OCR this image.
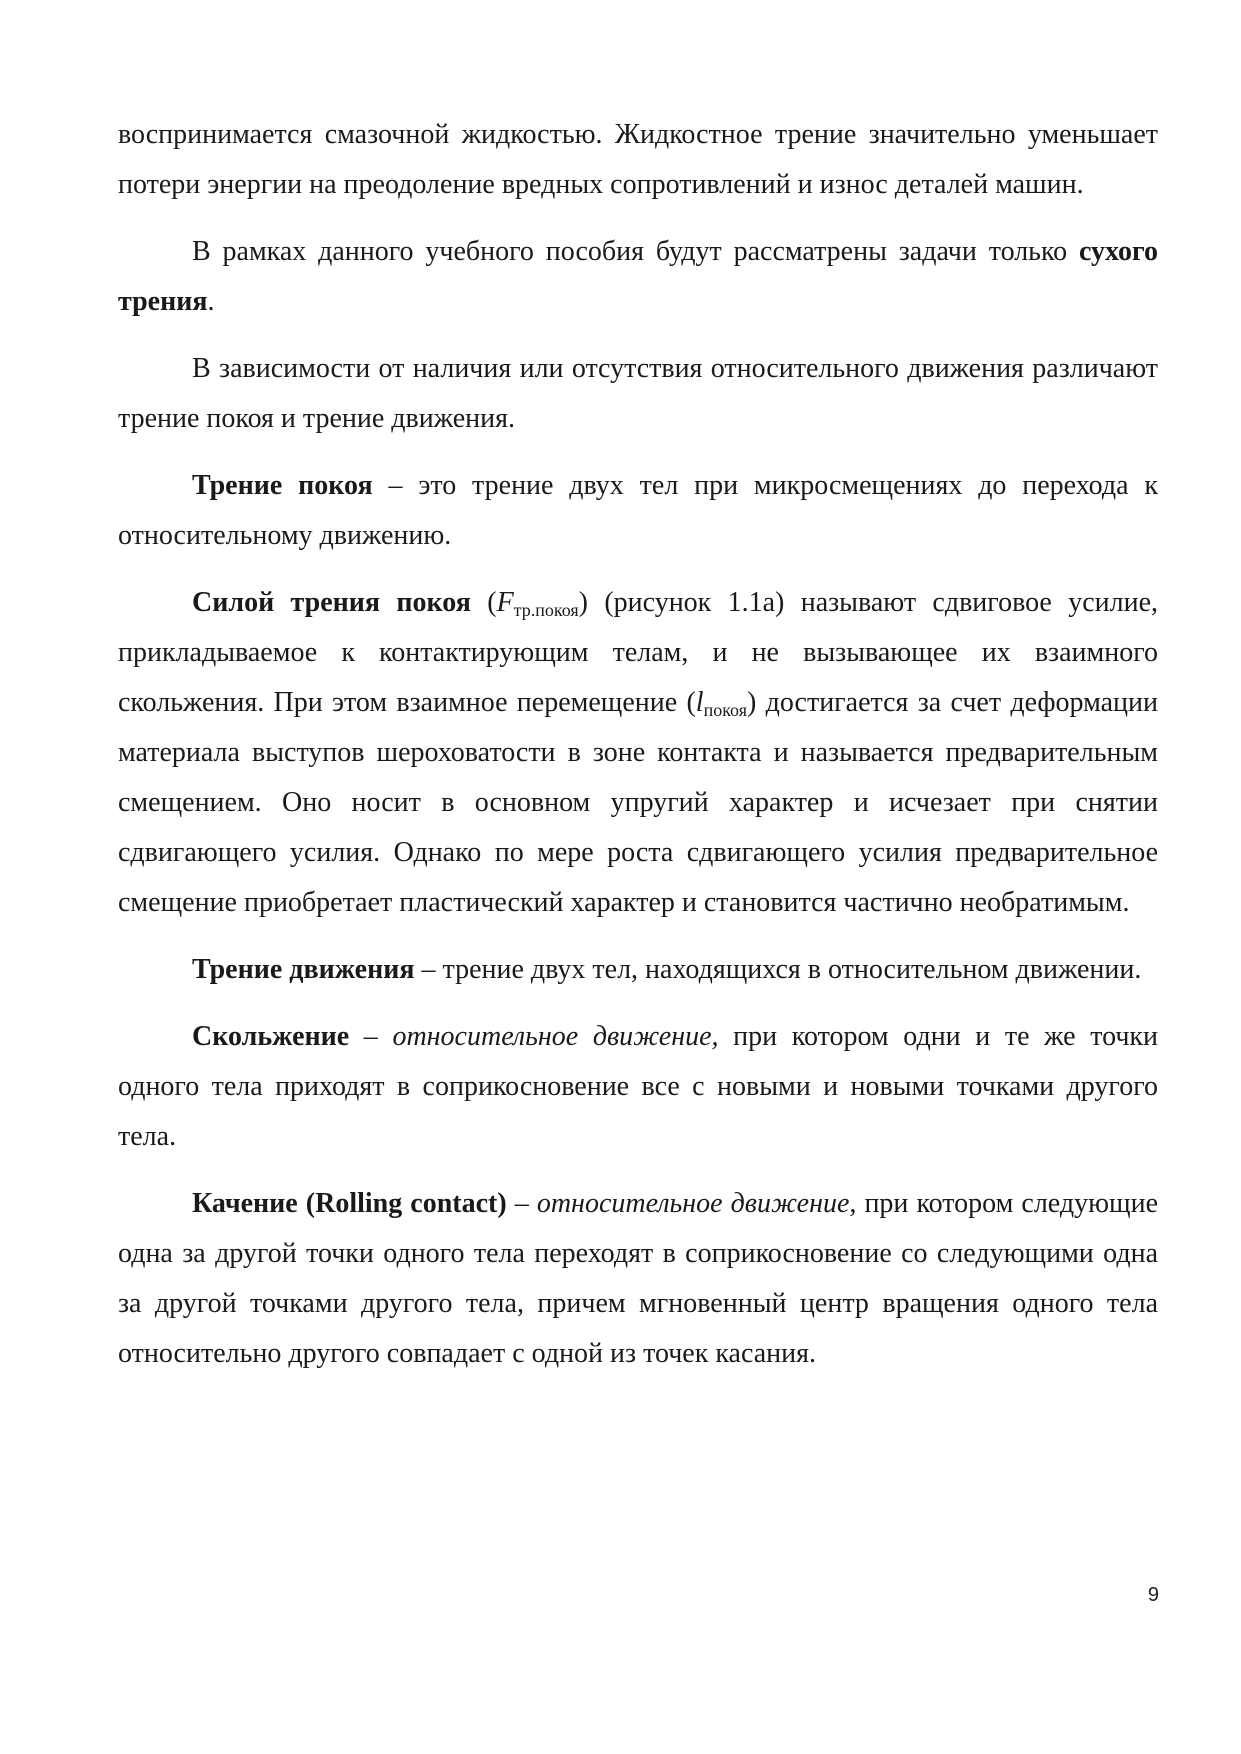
воспринимается смазочной жидкостью. Жидкостное трение значительно уменьшает потери энергии на преодоление вредных сопротивлений и износ деталей машин.

В рамках данного учебного пособия будут рассматрены задачи только сухого трения.

В зависимости от наличия или отсутствия относительного движения различают трение покоя и трение движения.

Трение покоя – это трение двух тел при микросмещениях до перехода к относительному движению.

Силой трения покоя $(F_{тр.покоя})$ (рисунок 1.1а) называют сдвиговое усилие, прикладываемое к контактирующим телам, и не вызывающее их взаимного скольжения. При этом взаимное перемещение $(l_{покоя})$ достигается за счет деформации материала выступов шероховатости в зоне контакта и называется предварительным смещением. Оно носит в основном упругий характер и исчезает при снятии сдвигающего усилия. Однако по мере роста сдвигающего усилия предварительное смещение приобретает пластический характер и становится частично необратимым.

Трение движения – трение двух тел, находящихся в относительном движении.

Скольжение – относительное движение, при котором одни и те же точки одного тела приходят в соприкосновение все с новыми и новыми точками другого тела.

Качение (Rolling contact) – относительное движение, при котором следующие одна за другой точки одного тела переходят в соприкосновение со следующими одна за другой точками другого тела, причем мгновенный центр вращения одного тела относительно другого совпадает с одной из точек касания.

9
